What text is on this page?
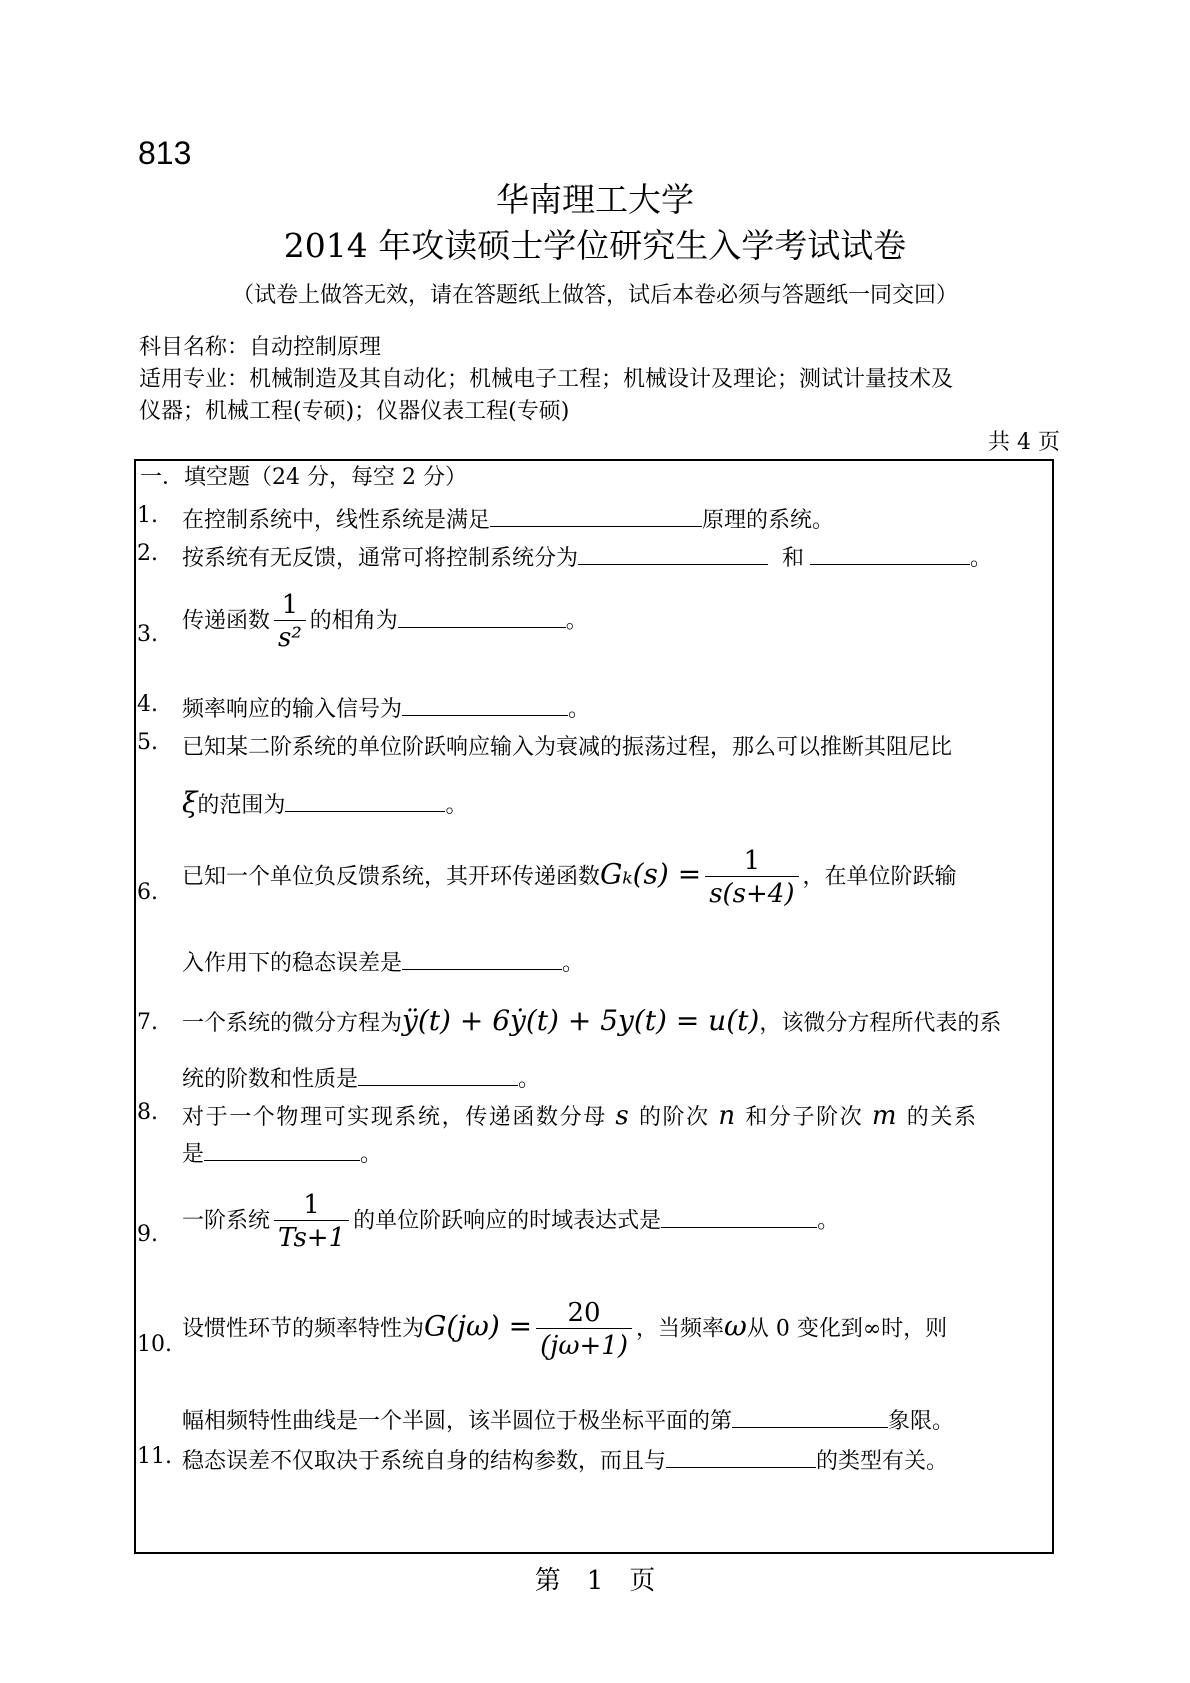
813
华南理工大学
2014 年攻读硕士学位研究生入学考试试卷
（试卷上做答无效，请在答题纸上做答，试后本卷必须与答题纸一同交回）
科目名称：自动控制原理
适用专业：机械制造及其自动化；机械电子工程；机械设计及理论；测试计量技术及
仪器；机械工程(专硕)；仪器仪表工程(专硕)
共 4 页
一．填空题（24 分，每空 2 分）
1. 在控制系统中，线性系统是满足	原理的系统。
2. 按系统有无反馈，通常可将控制系统分为	和	。
3.
传递函数 $\frac{1}{\text{s²}}$ 的相角为	。
4. 频率响应的输入信号为	。
5. 已知某二阶系统的单位阶跃响应输入为衰减的振荡过程，那么可以推断其阻尼比
ξ的范围为	。
6.
已知一个单位负反馈系统，其开环传递函数$G_k(s) = \frac{1}{s(s+4)}$ ，在单位阶跃输
入作用下的稳态误差是	。
7. 一个系统的微分方程为ÿ(t) + 6ẏ(t) + 5y(t) = u(t)，该微分方程所代表的系
统的阶数和性质是	。
8. 对于一个物理可实现系统，传递函数分母 s 的阶次 n 和分子阶次 m 的关系
是	。
9.
一阶系统 $\frac{1}{Ts+1}$ 的单位阶跃响应的时域表达式是	。
10.
设惯性环节的频率特性为$G(j\omega) = \frac{20}{(j\omega+1)}$ ，当频率ω从 0 变化到∞时，则
幅相频特性曲线是一个半圆，该半圆位于极坐标平面的第	象限。
11. 稳态误差不仅取决于系统自身的结构参数，而且与	的类型有关。
第　1　页
